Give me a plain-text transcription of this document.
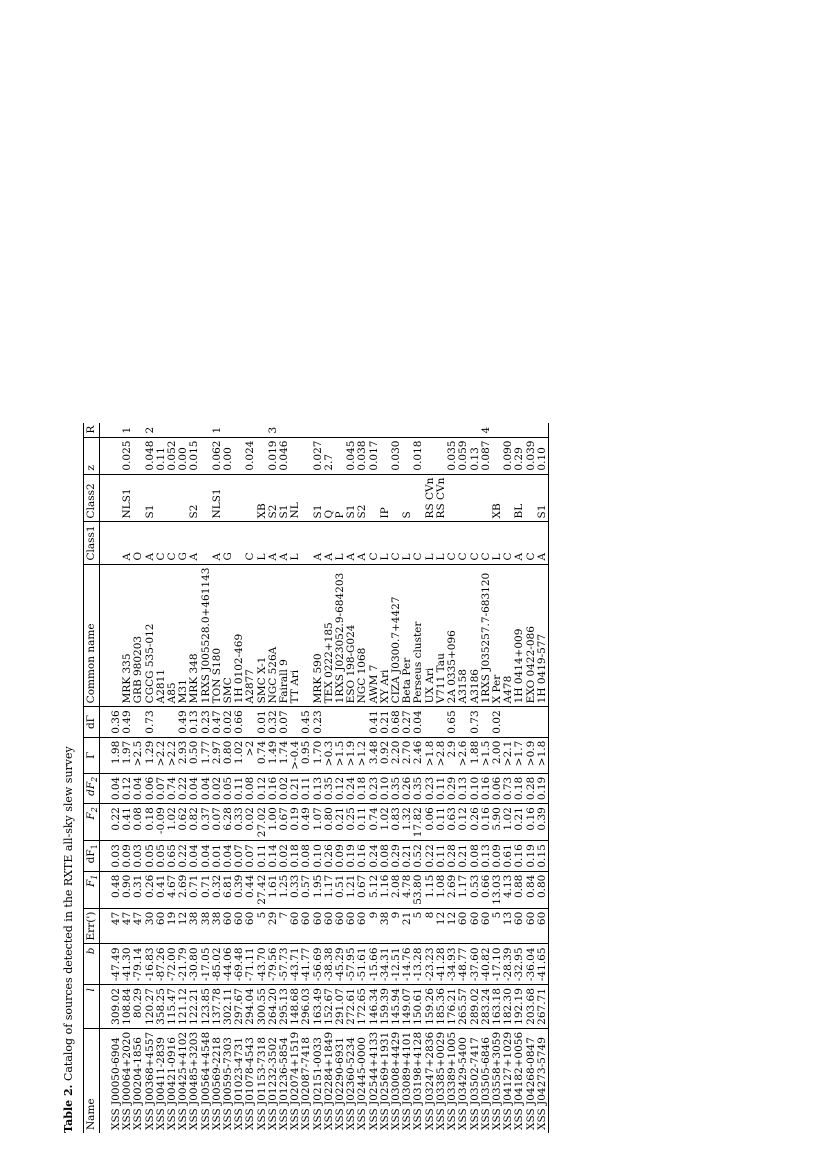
Table 2. Catalog of sources detected in the RXTE all-sky slew survey
Name	l	b	Err(')	$F_1$	$dF_1$	$F_2$	$dF_2$	Γ	dΓ	Common name	Class1	Class2	z	R

XSS J00050-6904	309.02	-47.49	47	0.48	0.03	0.22	0.04	1.98	0.36					
XSS J00064+2020	108.84	-41.30	47	0.90	0.09	0.41	0.12	1.97	0.49	MRK 335	A	NLS1	0.025	1
XSS J00204-1856	80.29	-79.14	47	0.31	0.03	0.08	0.04	>2.5		GRB 980203	O			
XSS J00368+4557	120.27	-16.83	30	0.26	0.05	0.18	0.06	1.29	0.73	CGCG 535-012	A	S1	0.048	2
XSS J00411-2839	358.25	-87.26	60	0.41	0.05	-0.09	0.07	>2.2		A2811	C		0.11	
XSS J00421-0916	115.47	-72.00	19	4.67	0.65	1.02	0.74	>2.2		A85	C		0.052	
XSS J00425+4102	121.12	-21.79	12	2.69	0.22	0.62	0.22	2.93	0.49	M31	G		0.00	
XSS J00485+3203	122.21	-30.80	38	0.71	0.04	0.82	0.04	0.50	0.13	MRK 348	A	S2	0.015	
XSS J00564+4548	123.85	-17.05	38	0.71	0.04	0.37	0.04	1.77	0.23	1RXS J005528.0+461143				
XSS J00569-2218	137.78	-85.02	38	0.32	0.01	0.07	0.02	2.97	0.47	TON S180	A	NLS1	0.062	1
XSS J00595-7303	302.11	-44.06	60	6.81	0.04	6.28	0.05	0.80	0.02	SMC	G		0.00	
XSS J01023-4731	297.67	-69.48	60	0.39	0.07	0.33	0.11	1.02	0.66	1H 0102-469				
XSS J01078-4543	294.04	-71.11	60	0.44	0.07	0.02	0.08	>2		A2877	C		0.024	
XSS J01153-7318	300.55	-43.70	5	27.42	0.11	27.02	0.12	0.74	0.01	SMC X-1	L	XB		
XSS J01232-3502	264.20	-79.56	29	1.61	0.14	1.00	0.16	1.49	0.32	NGC 526A	A	S2	0.019	3
XSS J01236-5854	295.13	-57.73	7	1.25	0.02	0.67	0.02	1.74	0.07	Fairall 9	A	S1	0.046	
XSS J02074+1519	148.68	-43.71	60	0.33	0.18	0.19	0.21	>-0.4		TT Ari	L	NL		
XSS J02087-7418	296.03	-41.77	60	0.57	0.08	0.49	0.11	0.95	0.45					
XSS J02151-0033	163.49	-56.69	60	1.95	0.10	1.07	0.13	1.70	0.23	MRK 590	A	S1	0.027	
XSS J02284+1849	152.67	-38.38	60	1.17	0.26	0.80	0.35	>0.3		TEX 0222+185	A	Q	2.7	
XSS J02290-6931	291.07	-45.29	60	0.51	0.09	0.21	0.12	>1.5		1RXS J023052.9-684203	L	P		
XSS J02360-5234	272.61	-57.95	60	1.21	0.19	0.25	0.24	>1.9		ESO 198-G024	A	S1	0.045	
XSS J02445-0000	172.65	-51.61	60	0.67	0.16	0.11	0.18	>1.2		NGC 1068	A	S2	0.038	
XSS J02544+4133	146.34	-15.66	9	5.12	0.24	0.74	0.23	3.48	0.41	AWM 7	C		0.017	
XSS J02569+1931	159.39	-34.31	38	1.16	0.08	1.02	0.10	0.92	0.21	XY Ari	L	IP		
XSS J03008+4429	145.94	-12.51	9	2.08	0.29	0.83	0.35	2.20	0.68	CIZA J0300.7+4427	C		0.030	
XSS J03089+4101	149.07	-14.76	21	4.78	0.21	1.32	0.26	2.70	0.27	Beta Per	L	S		
XSS J03198+4128	150.61	-13.28	5	53.80	0.52	17.82	0.35	2.46	0.04	Perseus cluster	C		0.018	
XSS J03247+2836	159.26	-23.23	8	1.15	0.22	0.06	0.23	>1.8		UX Ari	L	RS CVn		
XSS J03385+0029	185.36	-41.28	12	1.08	0.11	0.11	0.11	>2.8		V711 Tau	L	RS CVn		
XSS J03389+1005	176.21	-34.93	12	2.69	0.28	0.63	0.29	2.9	0.65	2A 0335+096	C		0.035	
XSS J03429-5400	265.57	-48.77	60	1.17	0.21	0.12	0.13	>2.6		A3158	C		0.059	
XSS J03502-7417	289.02	-37.60	60	0.53	0.08	0.26	0.10	1.88	0.73	A3186	C		0.13	
XSS J03505-6846	283.24	-40.82	60	0.66	0.13	0.16	0.16	>1.5		1RXS J035257.7-683120	C		0.087	4
XSS J03558+3059	163.18	-17.10	5	13.03	0.09	5.90	0.06	2.00	0.02	X Per	L	XB		
XSS J04127+1029	182.30	-28.39	13	4.13	0.61	1.02	0.73	>2.1		A478	C		0.090	
XSS J04182+0056	192.19	-32.95	60	0.88	0.16	0.21	0.18	>1.7		1H 0414+009	A	BL	0.29	
XSS J04268-0847	203.68	-36.04	60	0.84	0.19	0.16	0.28	>0.9		EXO 0422-086	C		0.039	
XSS J04273-5749	267.71	-41.65	60	0.80	0.15	0.39	0.19	>1.8		1H 0419-577	A	S1	0.10	
